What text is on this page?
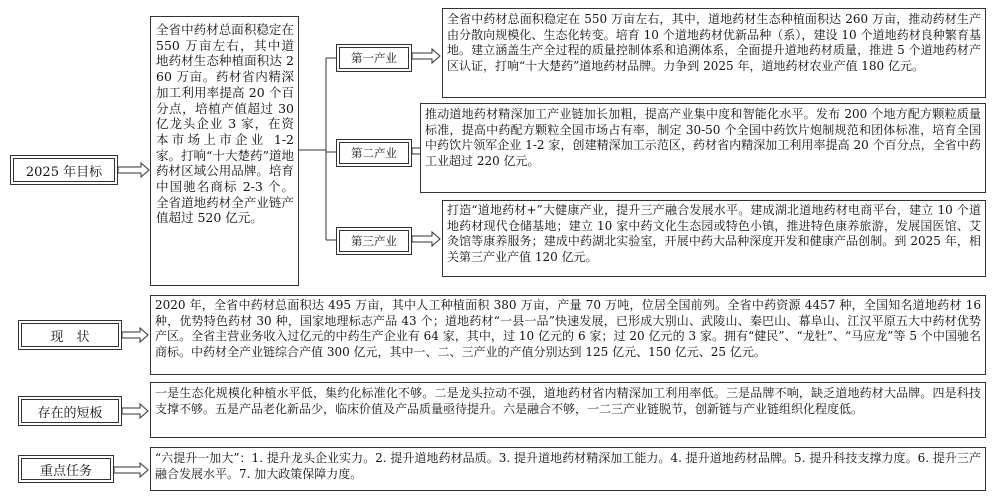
2025 年目标
全省中药材总面积稳定在 550 万亩左右，其中道地药材生态种植面积达 260 万亩。药材省内精深加工利用率提高 20 个百分点，培植产值超过 30 亿龙头企业 3 家，在资本市场上市企业 1-2 家。打响“十大楚药”道地药材区域公用品牌。培育中国驰名商标 2-3 个。全省道地药材全产业链产值超过 520 亿元。
第一产业
第二产业
第三产业
全省中药材总面积稳定在 550 万亩左右，其中，道地药材生态种植面积达 260 万亩，推动药材生产由分散向规模化、生态化转变。培育 10 个道地药材优新品种（系），建设 10 个道地药材良种繁育基地。建立涵盖生产全过程的质量控制体系和追溯体系，全面提升道地药材质量，推进 5 个道地药材产区认证，打响“十大楚药”道地药材品牌。力争到 2025 年，道地药材农业产值 180 亿元。
推动道地药材精深加工产业链加长加粗，提高产业集中度和智能化水平。发布 200 个地方配方颗粒质量标准，提高中药配方颗粒全国市场占有率，制定 30-50 个全国中药饮片炮制规范和团体标准，培育全国中药饮片领军企业 1-2 家，创建精深加工示范区，药材省内精深加工利用率提高 20 个百分点，全省中药工业超过 220 亿元。
打造“道地药材+”大健康产业，提升三产融合发展水平。建成湖北道地药材电商平台，建立 10 个道地药材现代仓储基地；建立 10 家中药文化生态园或特色小镇，推进特色康养旅游，发展国医馆、艾灸馆等康养服务；建成中药湖北实验室，开展中药大品种深度开发和健康产品创制。到 2025 年，相关第三产业产值 120 亿元。
现　状
2020 年，全省中药材总面积达 495 万亩，其中人工种植面积 380 万亩，产量 70 万吨，位居全国前列。全省中药资源 4457 种，全国知名道地药材 16 种，优势特色药材 30 种，国家地理标志产品 43 个；道地药材“一县一品”快速发展，已形成大别山、武陵山、秦巴山、幕阜山、江汉平原五大中药材优势产区。全省主营业务收入过亿元的中药生产企业有 64 家，其中，过 10 亿元的 6 家；过 20 亿元的 3 家。拥有“健民”、“龙牡”、“马应龙”等 5 个中国驰名商标。中药材全产业链综合产值 300 亿元，其中一、二、三产业的产值分别达到 125 亿元、150 亿元、25 亿元。
存在的短板
一是生态化规模化种植水平低，集约化标准化不够。二是龙头拉动不强，道地药材省内精深加工利用率低。三是品牌不响，缺乏道地药材大品牌。四是科技支撑不够。五是产品老化新品少，临床价值及产品质量亟待提升。六是融合不够，一二三产业链脱节，创新链与产业链组织化程度低。
重点任务
“六提升一加大”：1. 提升龙头企业实力。2. 提升道地药材品质。3. 提升道地药材精深加工能力。4. 提升道地药材品牌。5. 提升科技支撑力度。6. 提升三产融合发展水平。7. 加大政策保障力度。
